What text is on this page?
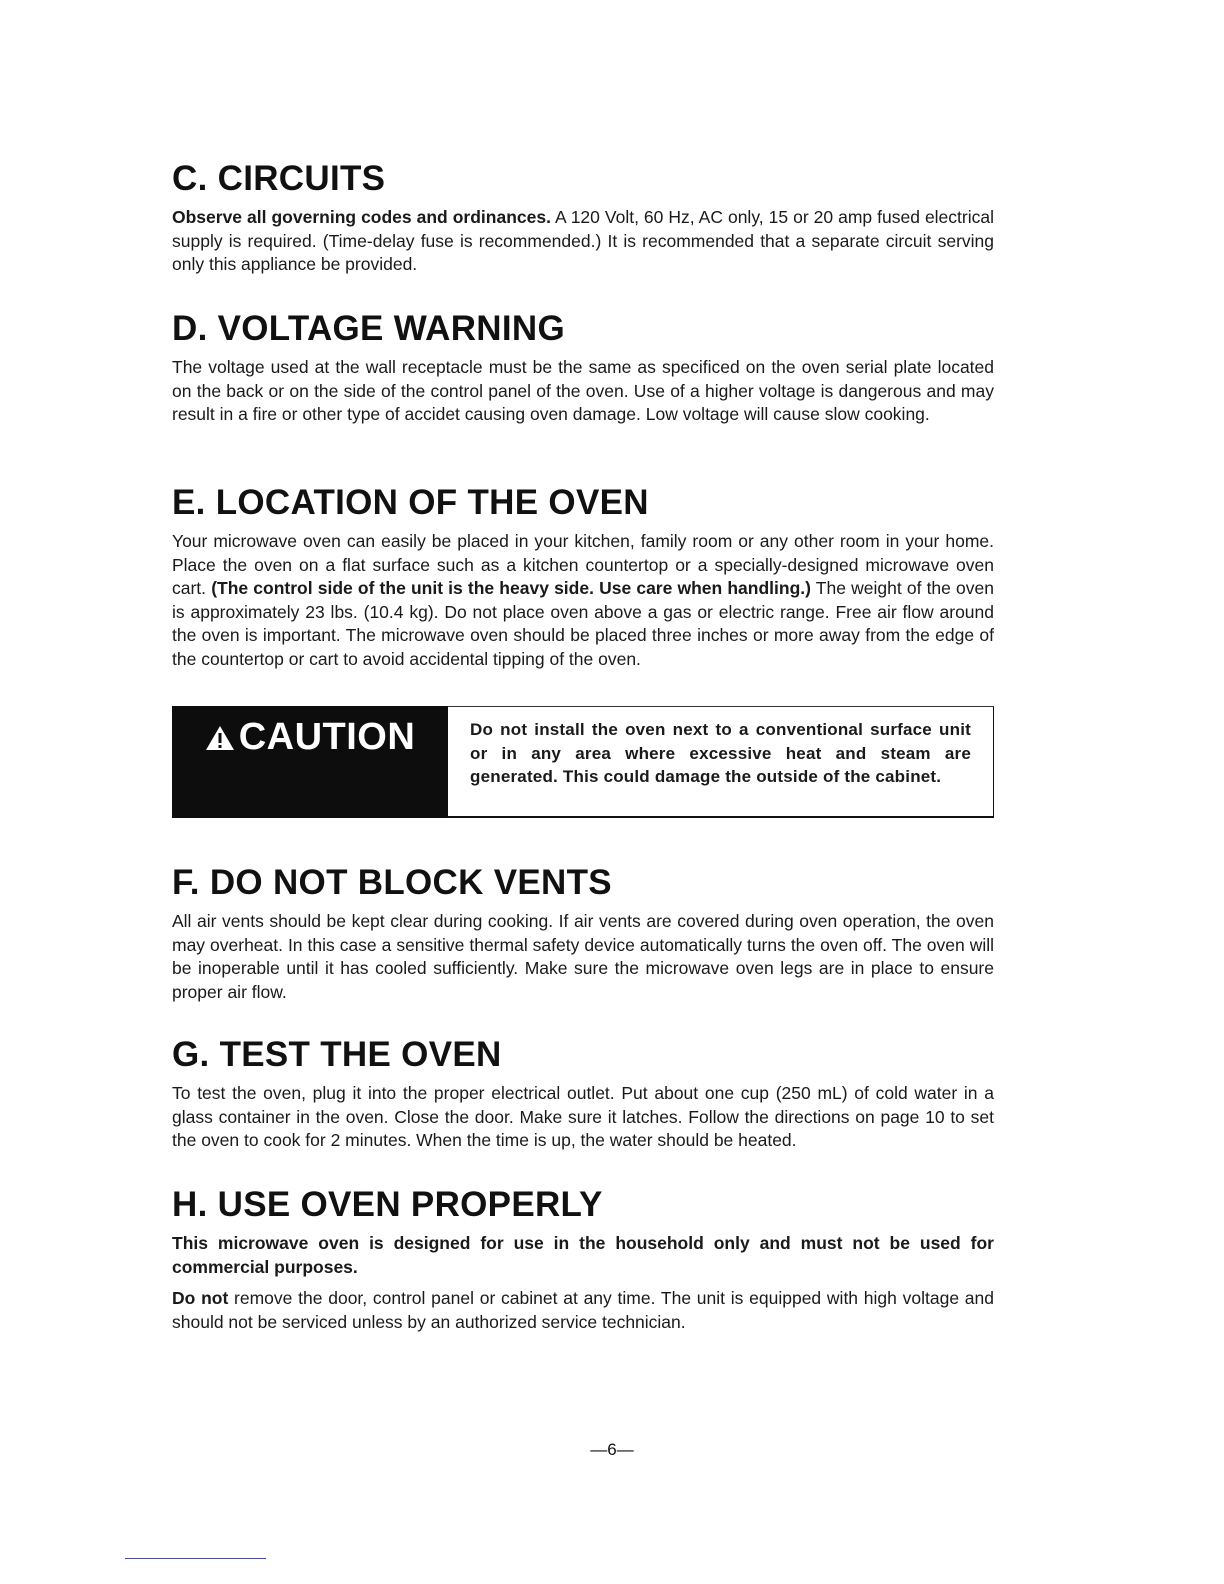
C. CIRCUITS

Observe all governing codes and ordinances. A 120 Volt, 60 Hz, AC only, 15 or 20 amp fused electrical supply is required. (Time-delay fuse is recommended.) It is recommended that a separate circuit serving only this appliance be provided.

D. VOLTAGE WARNING

The voltage used at the wall receptacle must be the same as specificed on the oven serial plate located on the back or on the side of the control panel of the oven. Use of a higher voltage is dangerous and may result in a fire or other type of accidet causing oven damage. Low voltage will cause slow cooking.

E. LOCATION OF THE OVEN

Your microwave oven can easily be placed in your kitchen, family room or any other room in your home. Place the oven on a flat surface such as a kitchen countertop or a specially-designed microwave oven cart. (The control side of the unit is the heavy side. Use care when handling.) The weight of the oven is approximately 23 lbs. (10.4 kg). Do not place oven above a gas or electric range. Free air flow around the oven is important. The microwave oven should be placed three inches or more away from the edge of the countertop or cart to avoid accidental tipping of the oven.

CAUTION	Do not install the oven next to a conventional surface unit or in any area where excessive heat and steam are generated. This could damage the outside of the cabinet.

F. DO NOT BLOCK VENTS

All air vents should be kept clear during cooking. If air vents are covered during oven operation, the oven may overheat. In this case a sensitive thermal safety device automatically turns the oven off. The oven will be inoperable until it has cooled sufficiently. Make sure the microwave oven legs are in place to ensure proper air flow.

G. TEST THE OVEN

To test the oven, plug it into the proper electrical outlet. Put about one cup (250 mL) of cold water in a glass container in the oven. Close the door. Make sure it latches. Follow the directions on page 10 to set the oven to cook for 2 minutes. When the time is up, the water should be heated.

H. USE OVEN PROPERLY

This microwave oven is designed for use in the household only and must not be used for commercial purposes.

Do not remove the door, control panel or cabinet at any time. The unit is equipped with high voltage and should not be serviced unless by an authorized service technician.

—6—
